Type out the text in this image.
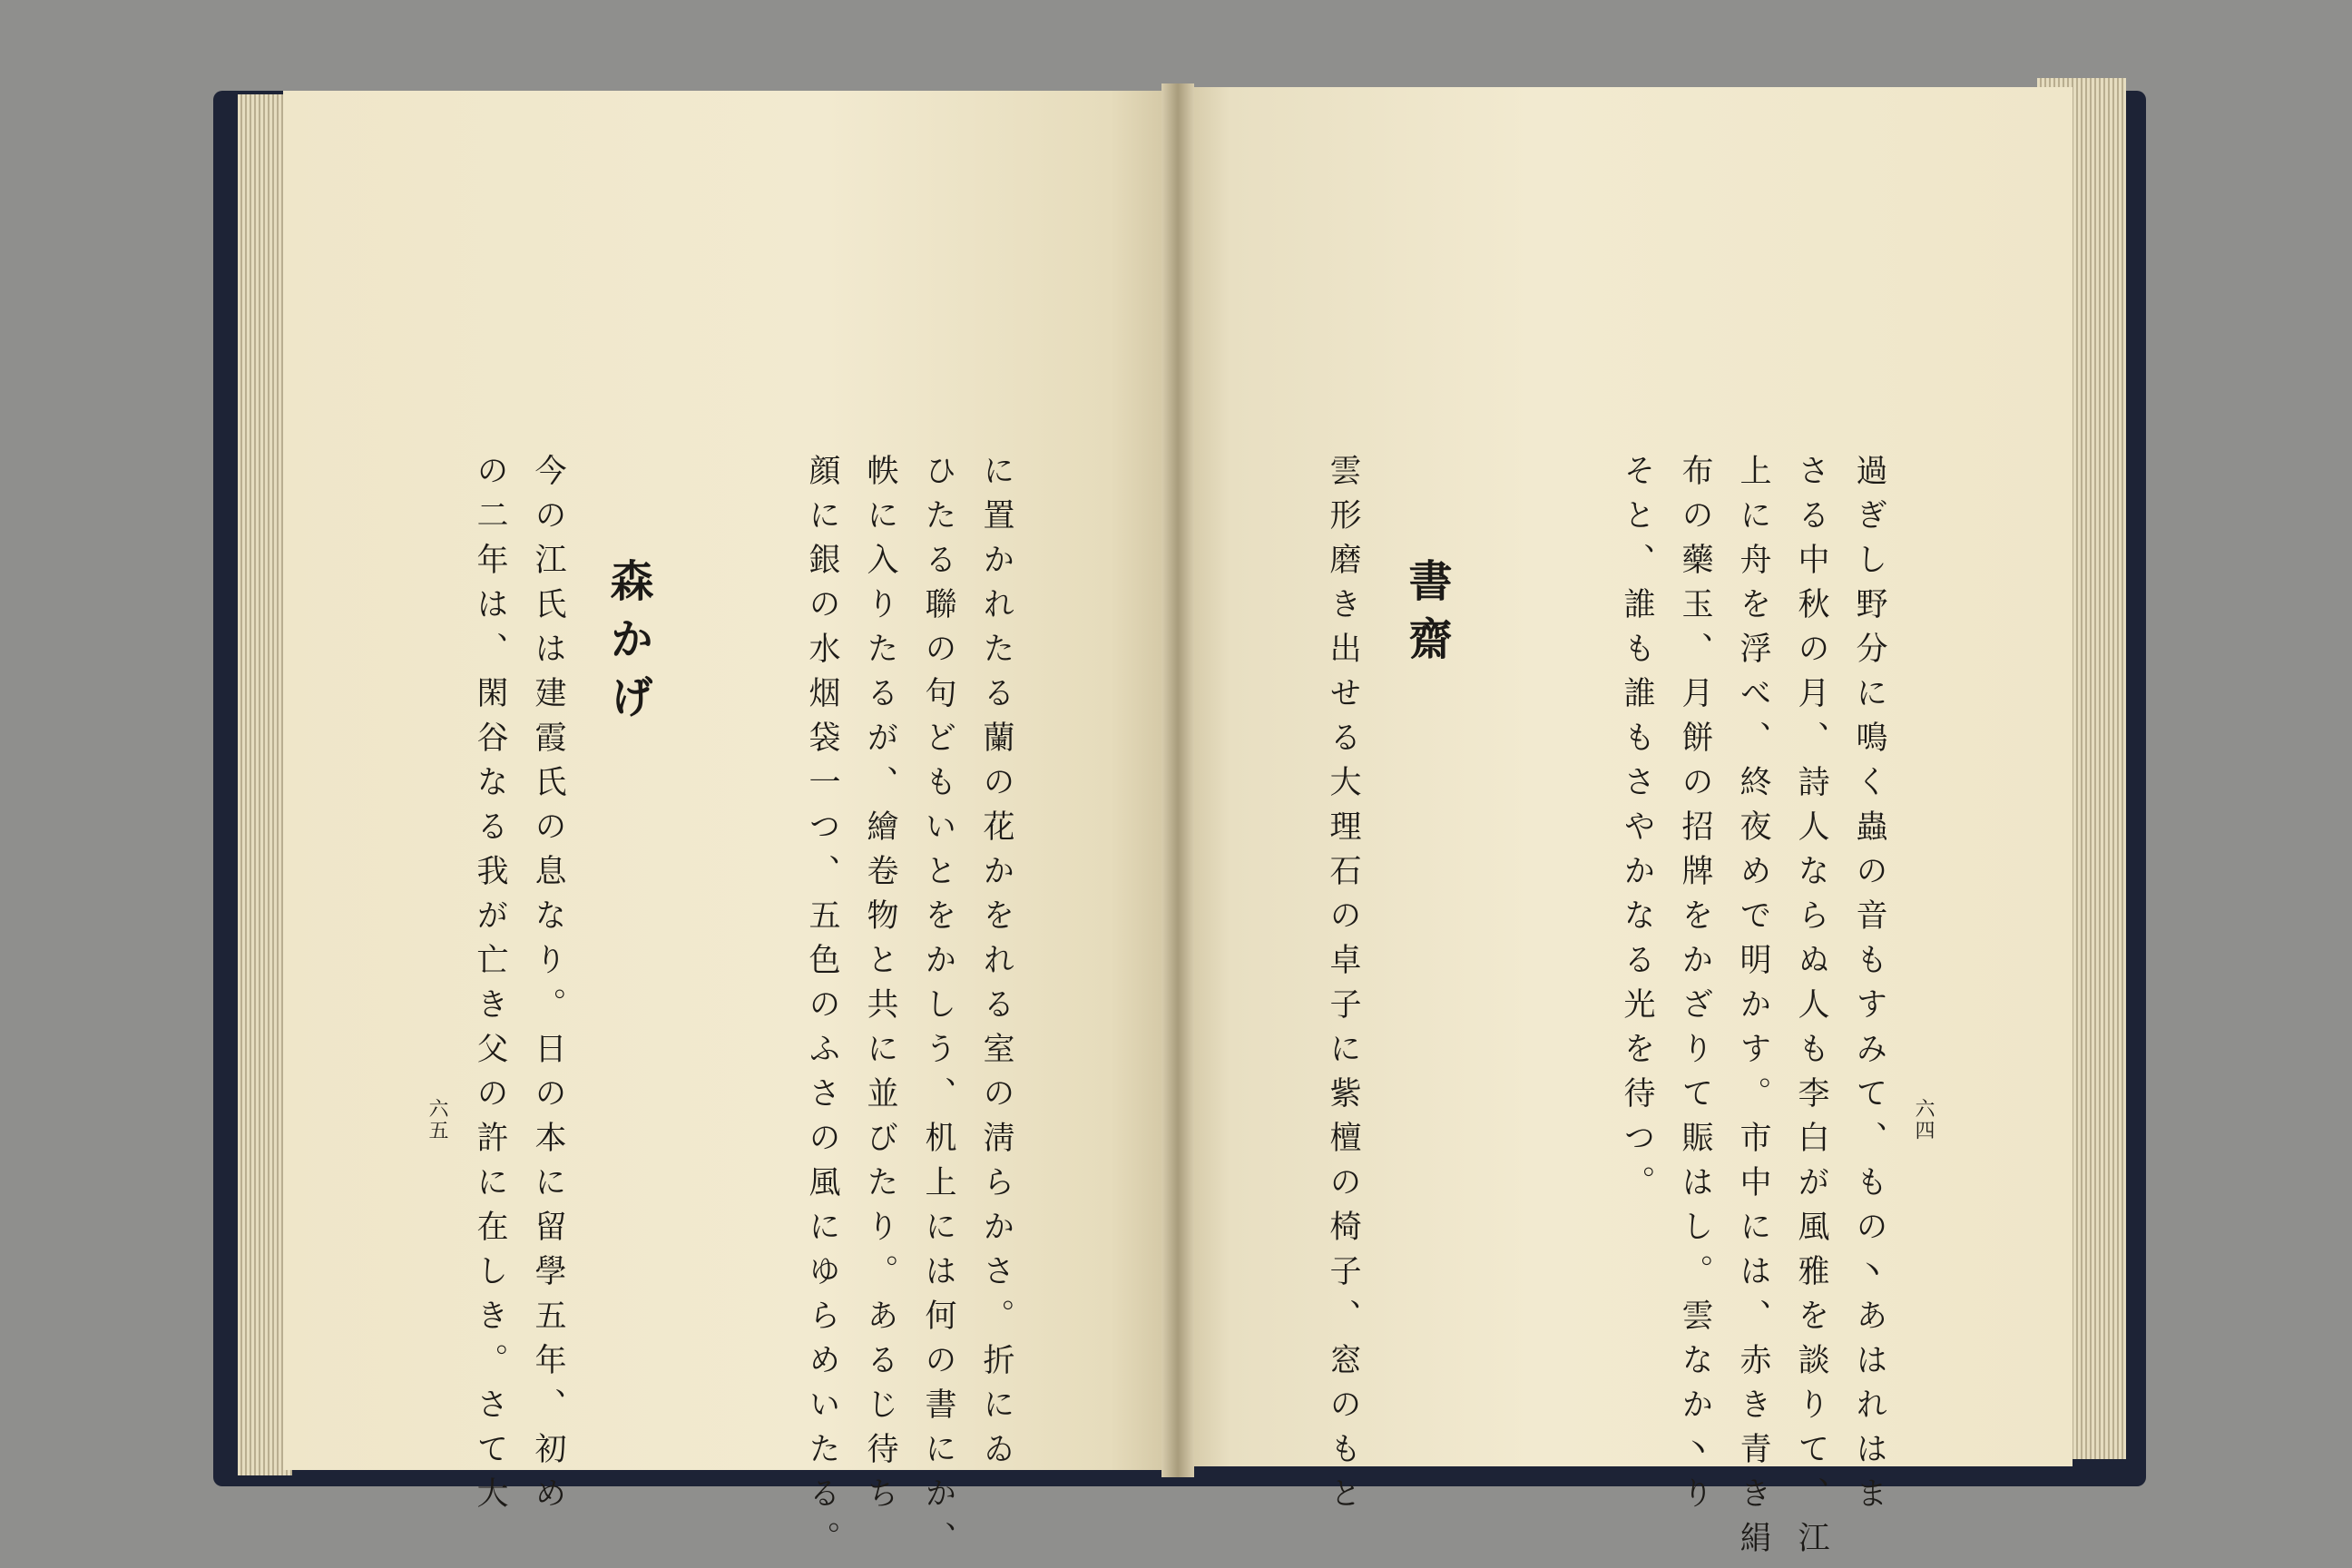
過ぎし野分に鳴く蟲の音もすみて、もの丶あはれはま
さる中秋の月、詩人ならぬ人も李白が風雅を談りて、江
上に舟を浮べ、終夜めで明かす。市中には、赤き青き絹
布の藥玉、月餅の招牌をかざりて賑はし。雲なか丶り
そと、誰も誰もさやかなる光を待つ。	六四
書齋
雲形磨き出せる大理石の卓子に紫檀の椅子、窓のもと
に置かれたる蘭の花かをれる室の淸らかさ。折にゐ
ひたる聯の句どもいとをかしう、机上には何の書にか、
帙に入りたるが、繪卷物と共に並びたり。あるじ待ち
顔に銀の水烟袋一つ、五色のふさの風にゆらめいたる。
森かげ
今の江氏は建霞氏の息なり。日の本に留學五年、初め
の二年は、閑谷なる我が亡き父の許に在しき。さて大
六五
